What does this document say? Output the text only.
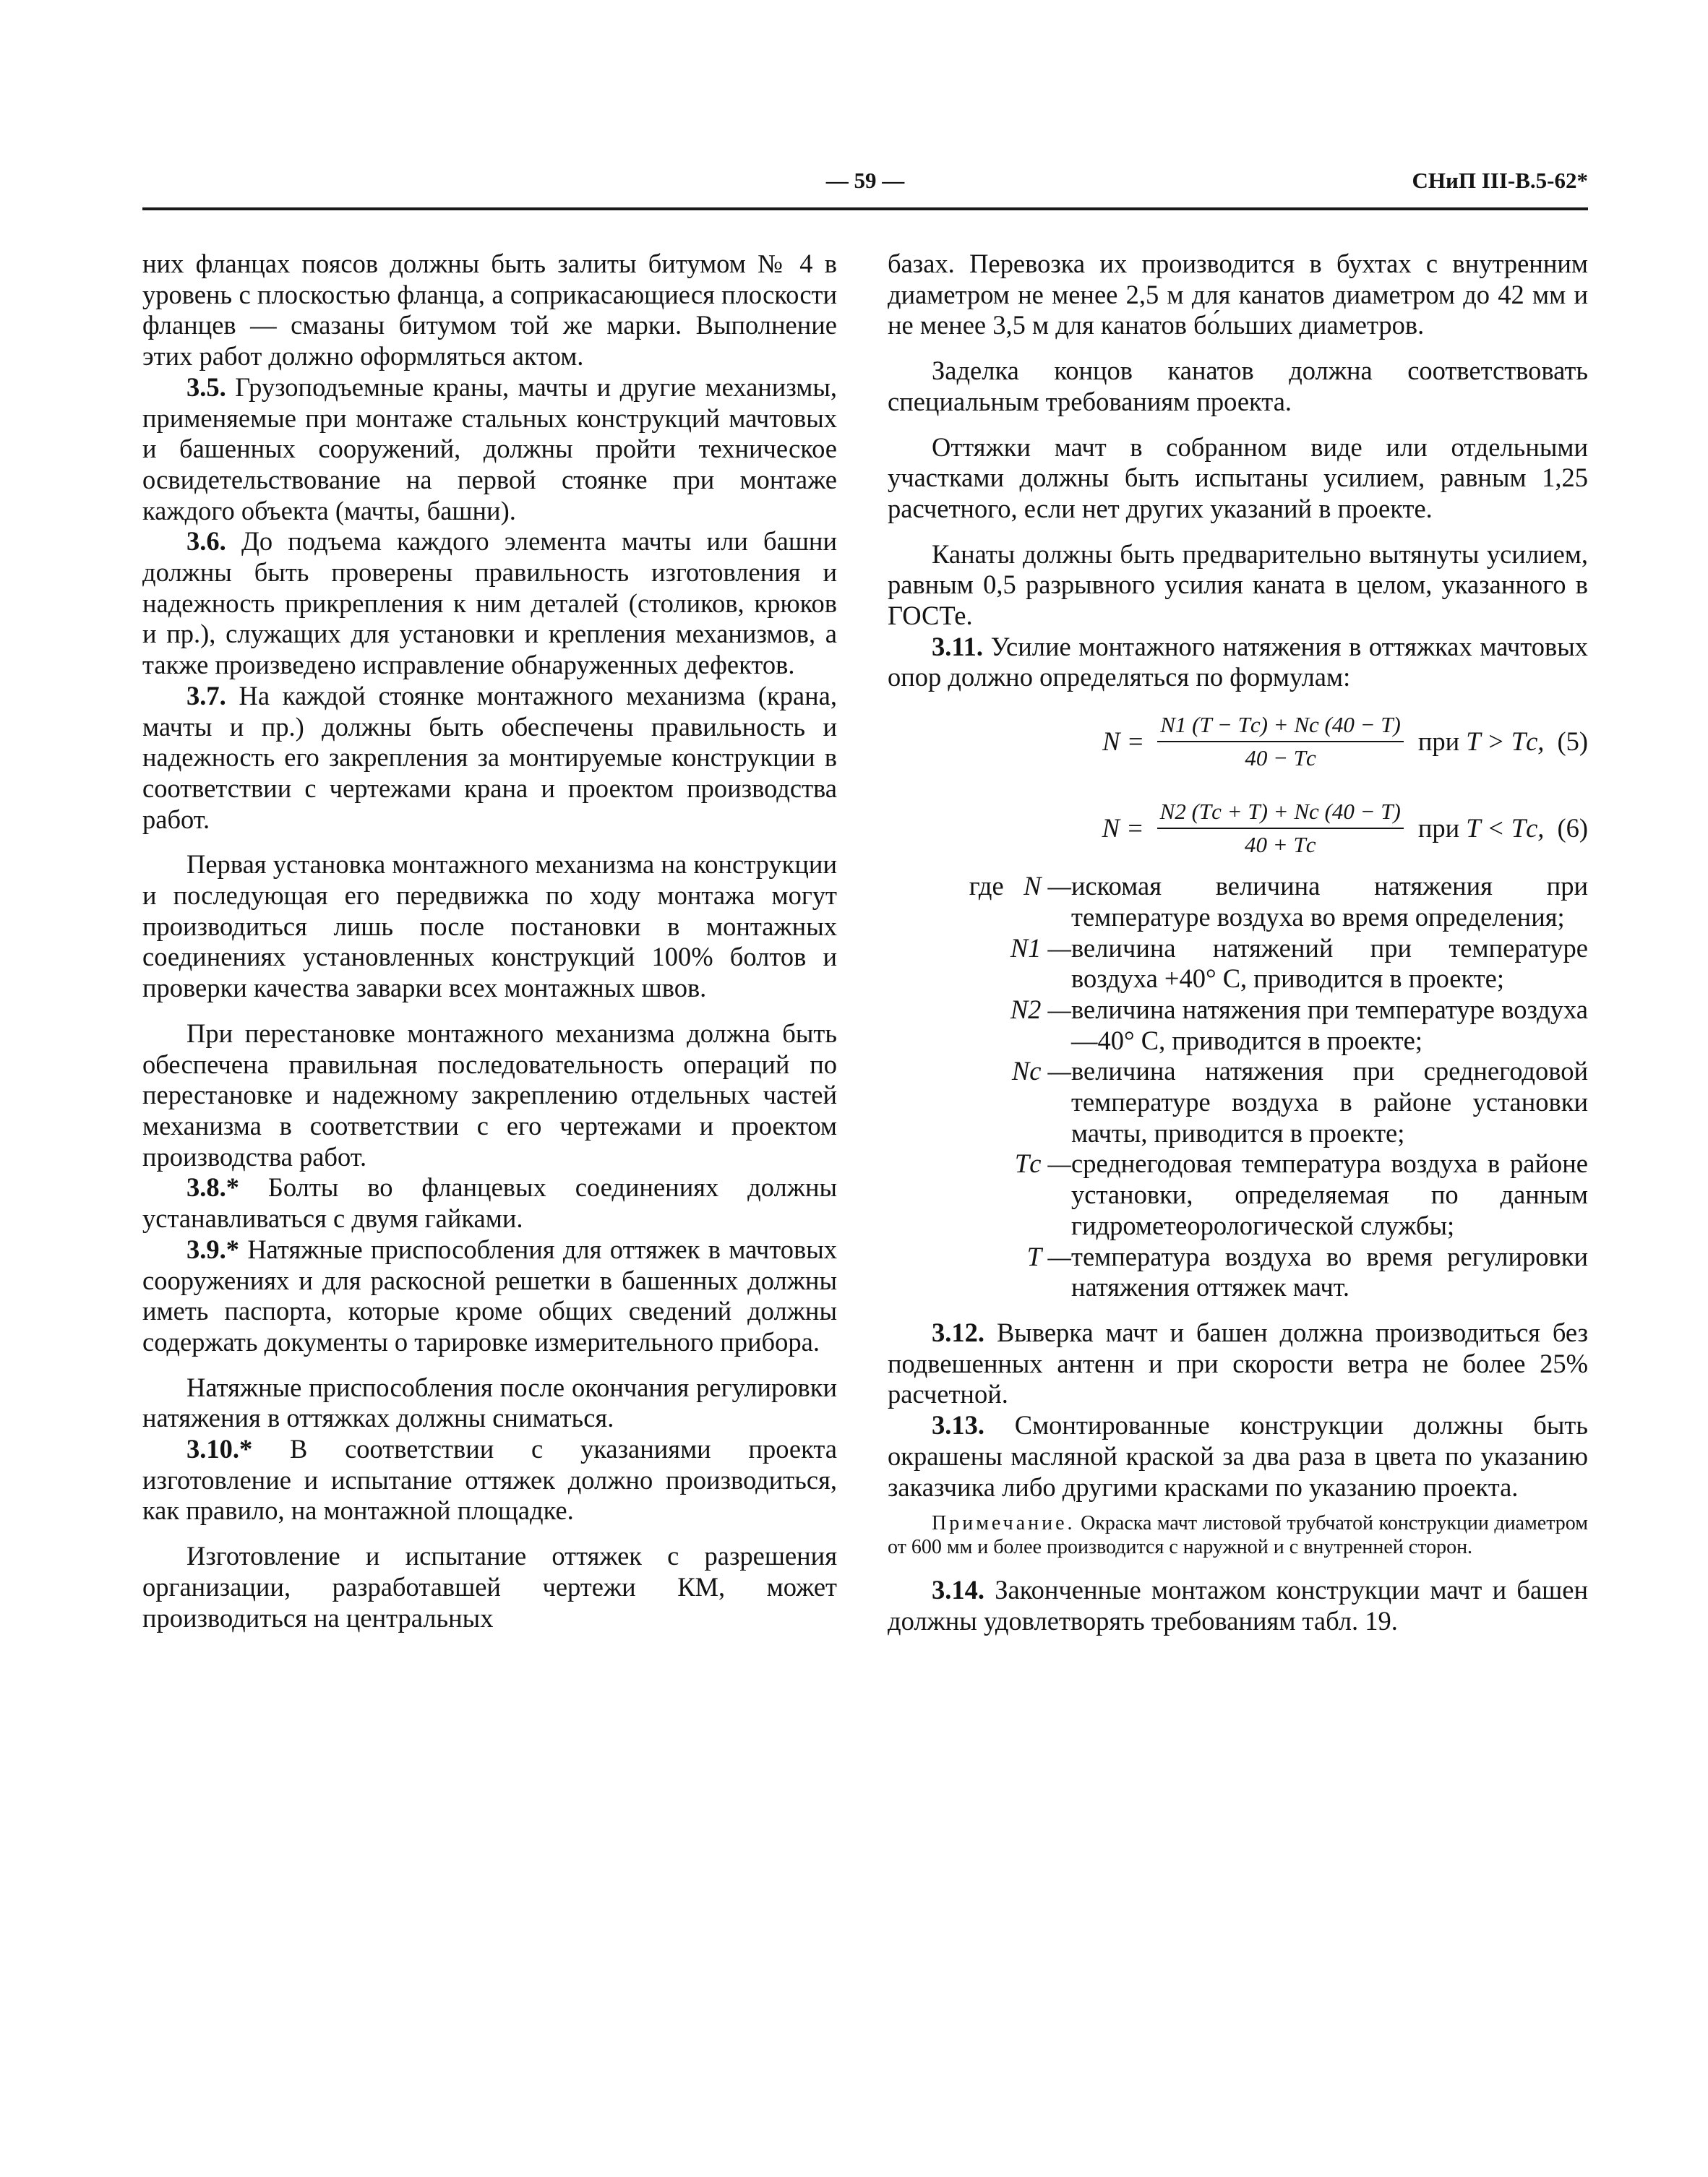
— 59 —	СНиП III-В.5-62*

них фланцах поясов должны быть залиты битумом № 4 в уровень с плоскостью фланца, а соприкасающиеся плоскости фланцев — смазаны битумом той же марки. Выполнение этих работ должно оформляться актом.

3.5. Грузоподъемные краны, мачты и другие механизмы, применяемые при монтаже стальных конструкций мачтовых и башенных сооружений, должны пройти техническое освидетельствование на первой стоянке при монтаже каждого объекта (мачты, башни).

3.6. До подъема каждого элемента мачты или башни должны быть проверены правильность изготовления и надежность прикрепления к ним деталей (столиков, крюков и пр.), служащих для установки и крепления механизмов, а также произведено исправление обнаруженных дефектов.

3.7. На каждой стоянке монтажного механизма (крана, мачты и пр.) должны быть обеспечены правильность и надежность его закрепления за монтируемые конструкции в соответствии с чертежами крана и проектом производства работ.

Первая установка монтажного механизма на конструкции и последующая его передвижка по ходу монтажа могут производиться лишь после постановки в монтажных соединениях установленных конструкций 100% болтов и проверки качества заварки всех монтажных швов.

При перестановке монтажного механизма должна быть обеспечена правильная последовательность операций по перестановке и надежному закреплению отдельных частей механизма в соответствии с его чертежами и проектом производства работ.

3.8.* Болты во фланцевых соединениях должны устанавливаться с двумя гайками.

3.9.* Натяжные приспособления для оттяжек в мачтовых сооружениях и для раскосной решетки в башенных должны иметь паспорта, которые кроме общих сведений должны содержать документы о тарировке измерительного прибора.

Натяжные приспособления после окончания регулировки натяжения в оттяжках должны сниматься.

3.10.* В соответствии с указаниями проекта изготовление и испытание оттяжек должно производиться, как правило, на монтажной площадке.

Изготовление и испытание оттяжек с разрешения организации, разработавшей чертежи КМ, может производиться на центральных

базах. Перевозка их производится в бухтах с внутренним диаметром не менее 2,5 м для канатов диаметром до 42 мм и не менее 3,5 м для канатов бо́льших диаметров.

Заделка концов канатов должна соответствовать специальным требованиям проекта.

Оттяжки мачт в собранном виде или отдельными участками должны быть испытаны усилием, равным 1,25 расчетного, если нет других указаний в проекте.

Канаты должны быть предварительно вытянуты усилием, равным 0,5 разрывного усилия каната в целом, указанного в ГОСТе.

3.11. Усилие монтажного натяжения в оттяжках мачтовых опор должно определяться по формулам:

$N = \frac{N1 (T - Tс) + Nс (40 - T)}{40 - Tс}$ при T > Tс, (5)
$N = \frac{N2 (Tс + T) + Nс (40 - T)}{40 + Tс}$ при T < Tс, (6)
где N — искомая величина натяжения при температуре воздуха во время определения;
N1 — величина натяжений при температуре воздуха +40° С, приводится в проекте;
N2 — величина натяжения при температуре воздуха —40° С, приводится в проекте;
Nс — величина натяжения при среднегодовой температуре воздуха в районе установки мачты, приводится в проекте;
Tс — среднегодовая температура воздуха в районе установки, определяемая по данным гидрометеорологической службы;
T — температура воздуха во время регулировки натяжения оттяжек мачт.

3.12. Выверка мачт и башен должна производиться без подвешенных антенн и при скорости ветра не более 25% расчетной.

3.13. Смонтированные конструкции должны быть окрашены масляной краской за два раза в цвета по указанию заказчика либо другими красками по указанию проекта.

Примечание. Окраска мачт листовой трубчатой конструкции диаметром от 600 мм и более производится с наружной и с внутренней сторон.

3.14. Законченные монтажом конструкции мачт и башен должны удовлетворять требованиям табл. 19.
